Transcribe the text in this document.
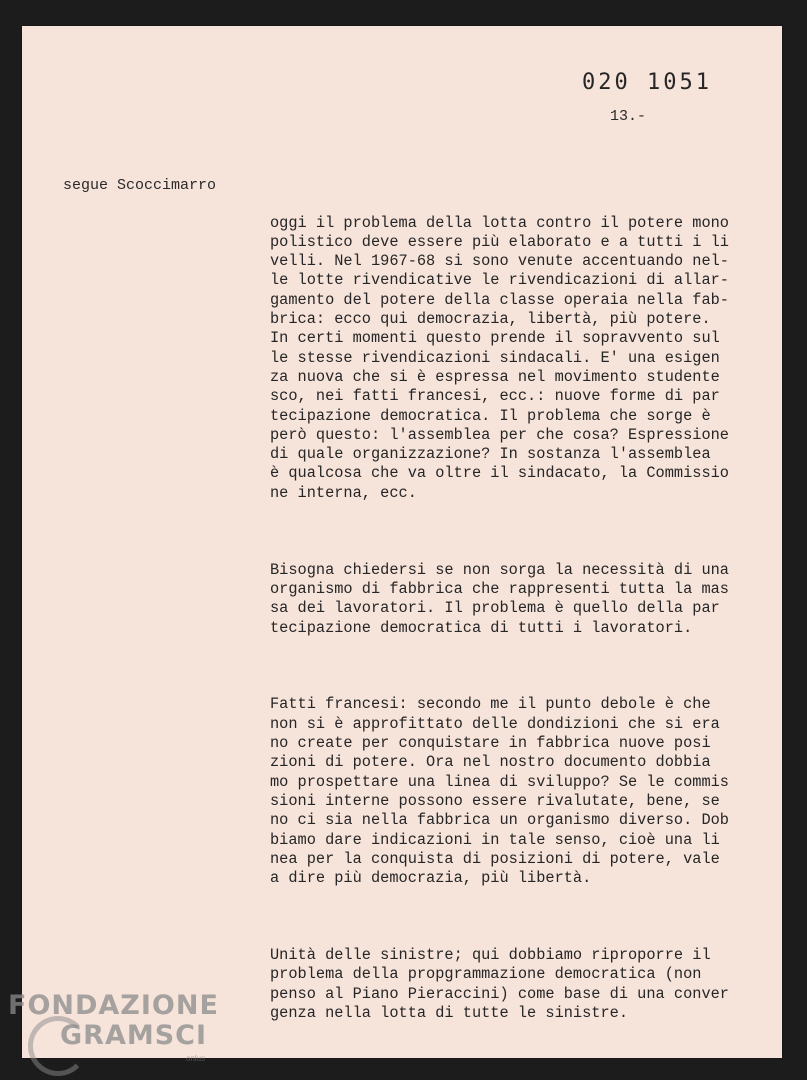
020 1051
13.-
segue Scoccimarro

oggi il problema della lotta contro il potere mono
polistico deve essere più elaborato e a tutti i li
velli. Nel 1967-68 si sono venute accentuando nel-
le lotte rivendicative le rivendicazioni di allar-
gamento del potere della classe operaia nella fab-
brica: ecco qui democrazia, libertà, più potere.
In certi momenti questo prende il sopravvento sul
le stesse rivendicazioni sindacali. E' una esigen
za nuova che si è espressa nel movimento studente
sco, nei fatti francesi, ecc.: nuove forme di par
tecipazione democratica. Il problema che sorge è
però questo: l'assemblea per che cosa? Espressione
di quale organizzazione? In sostanza l'assemblea
è qualcosa che va oltre il sindacato, la Commissio
ne interna, ecc.

Bisogna chiedersi se non sorga la necessità di una
organismo di fabbrica che rappresenti tutta la mas
sa dei lavoratori. Il problema è quello della par
tecipazione democratica di tutti i lavoratori.

Fatti francesi: secondo me il punto debole è che
non si è approfittato delle dondizioni che si era
no create per conquistare in fabbrica nuove posi
zioni di potere. Ora nel nostro documento dobbia
mo prospettare una linea di sviluppo? Se le commis
sioni interne possono essere rivalutate, bene, se
no ci sia nella fabbrica un organismo diverso. Dob
biamo dare indicazioni in tale senso, cioè una li
nea per la conquista di posizioni di potere, vale
a dire più democrazia, più libertà.

Unità delle sinistre; qui dobbiamo riproporre il
problema della propgrammazione democratica (non
penso al Piano Pieraccini) come base di una conver
genza nella lotta di tutte le sinistre.

FONDAZIONE
GRAMSCI
onlus
